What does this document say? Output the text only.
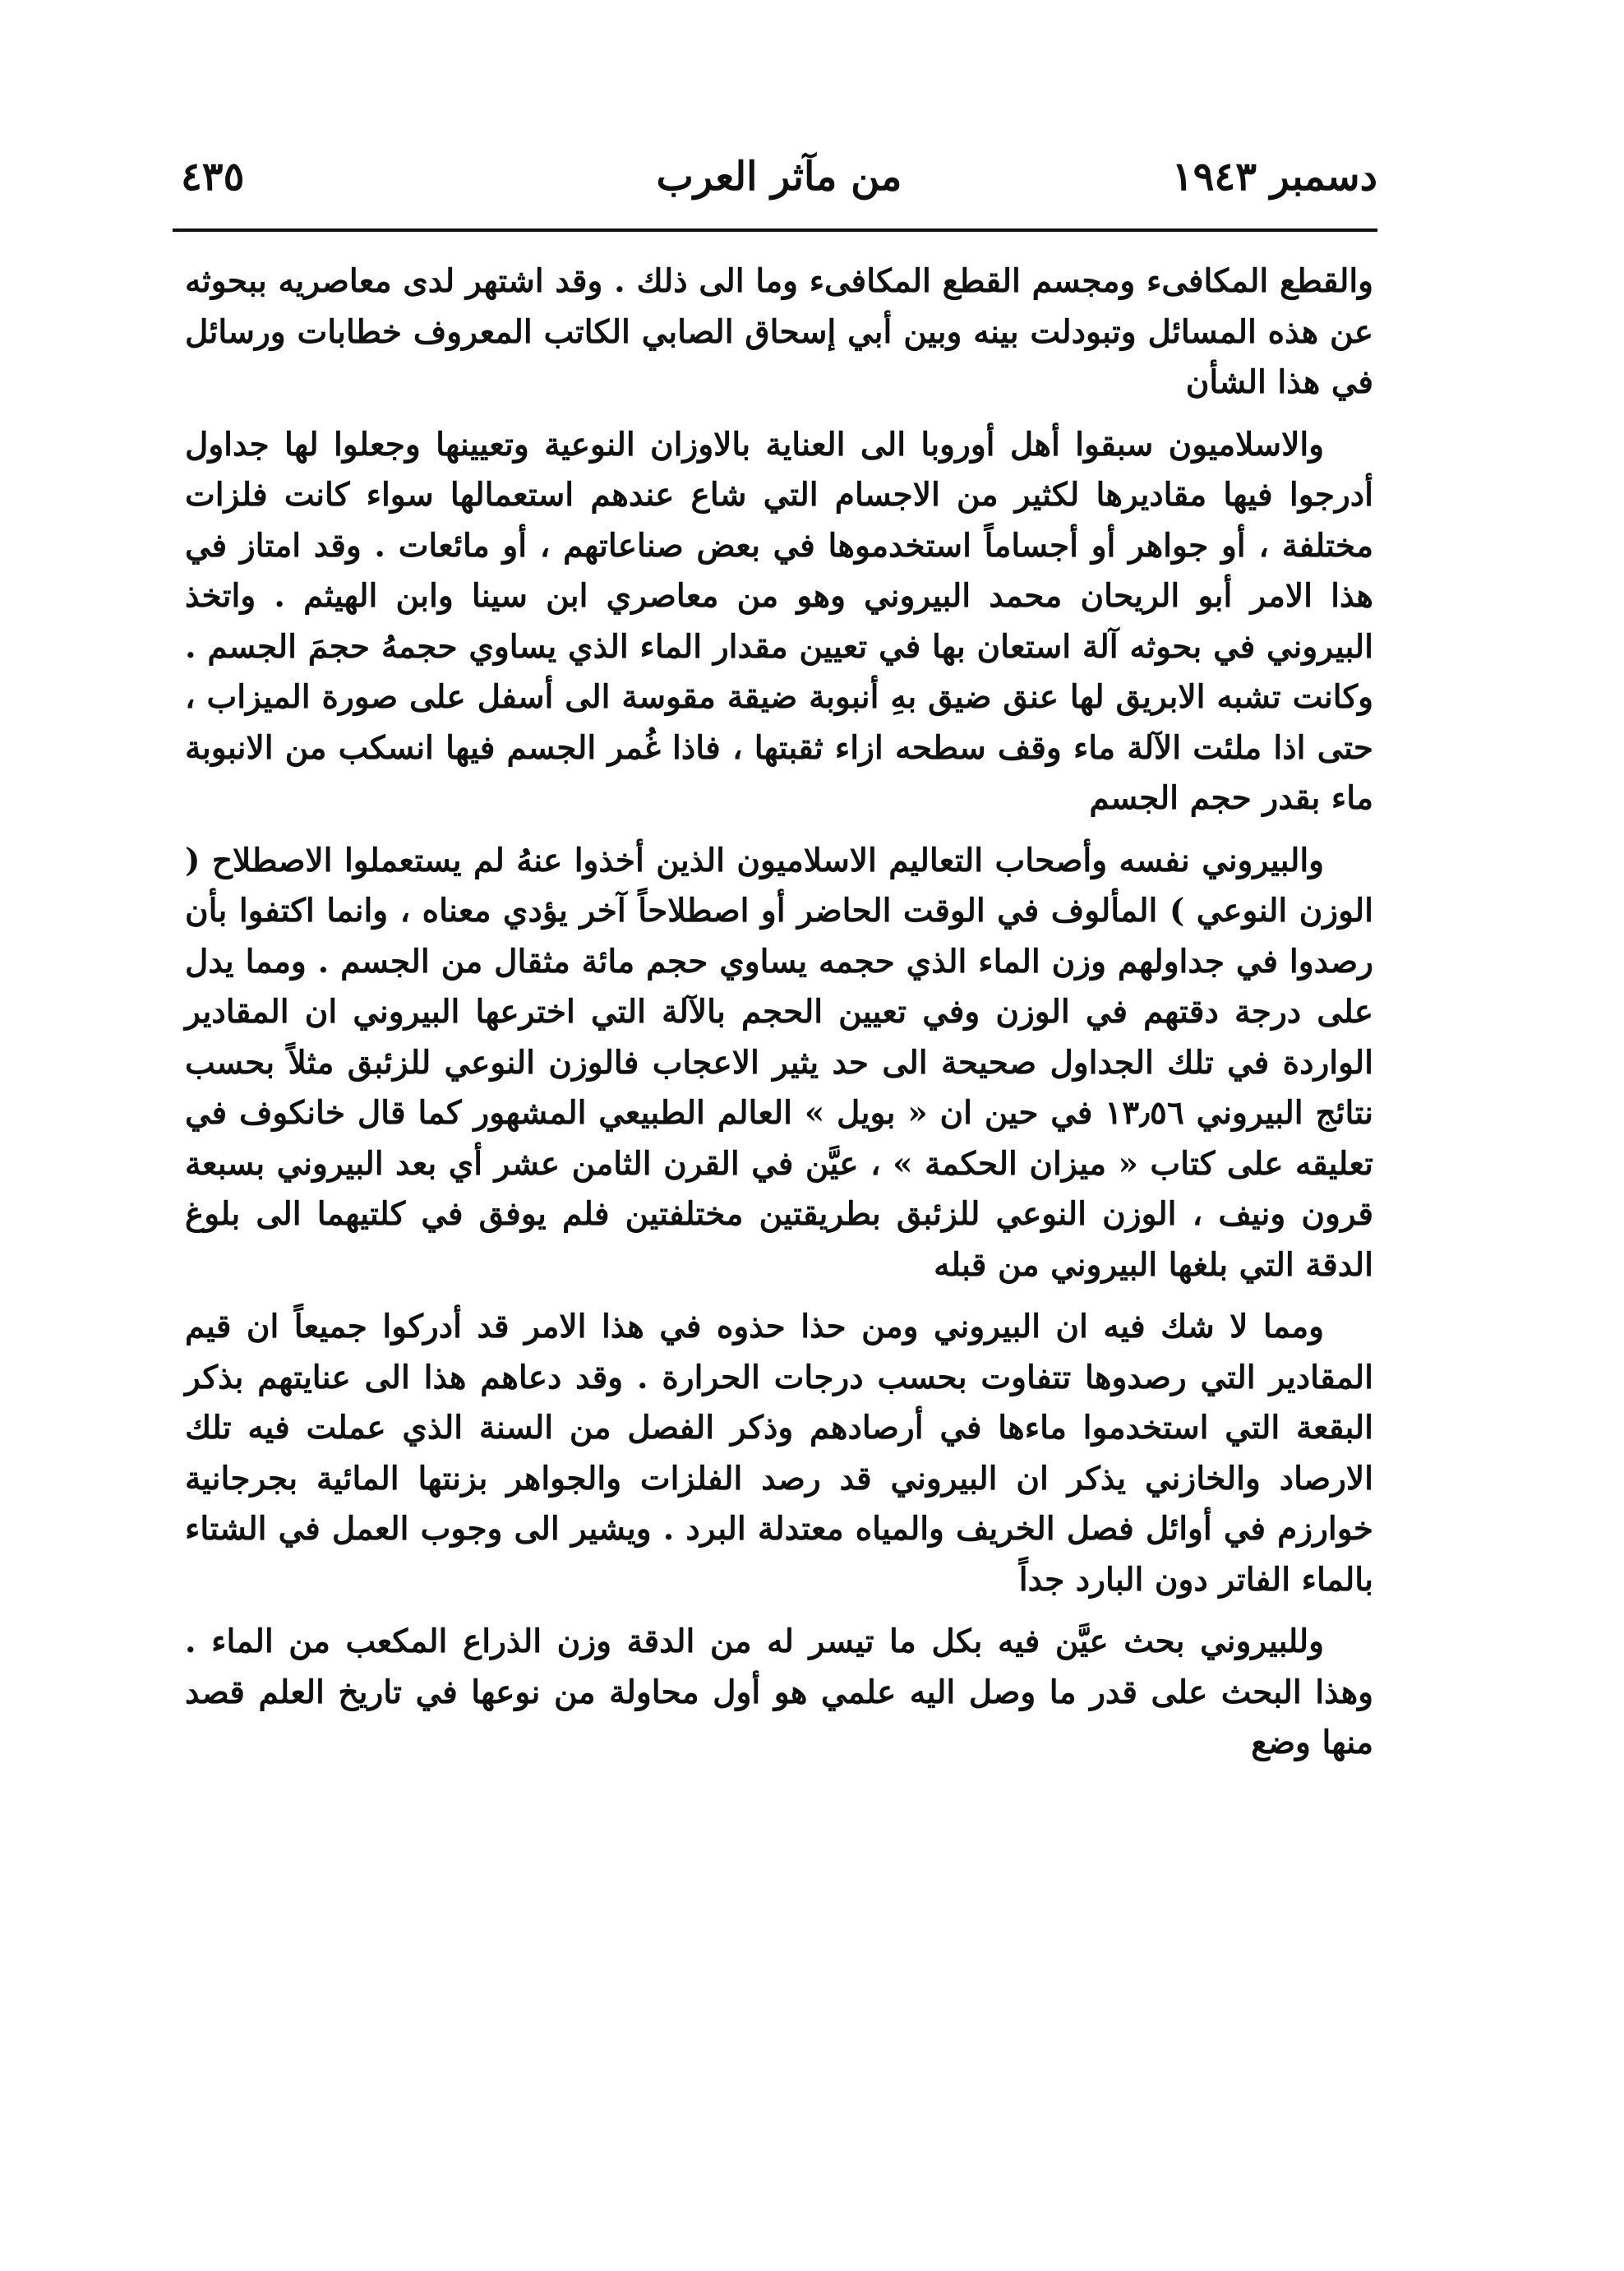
دسمبر ١٩٤٣
من مآثر العرب
٤٣٥

والقطع المكافىء ومجسم القطع المكافىء وما الى ذلك . وقد اشتهر لدى معاصريه ببحوثه عن هذه المسائل وتبودلت بينه وبين أبي إسحاق الصابي الكاتب المعروف خطابات ورسائل في هذا الشأن

والاسلاميون سبقوا أهل أوروبا الى العناية بالاوزان النوعية وتعيينها وجعلوا لها جداول أدرجوا فيها مقاديرها لكثير من الاجسام التي شاع عندهم استعمالها سواء كانت فلزات مختلفة ، أو جواهر أو أجساماً استخدموها في بعض صناعاتهم ، أو مائعات . وقد امتاز في هذا الامر أبو الريحان محمد البيروني وهو من معاصري ابن سينا وابن الهيثم . واتخذ البيروني في بحوثه آلة استعان بها في تعيين مقدار الماء الذي يساوي حجمهُ حجمَ الجسم . وكانت تشبه الابريق لها عنق ضيق بهِ أنبوبة ضيقة مقوسة الى أسفل على صورة الميزاب ، حتى اذا ملئت الآلة ماء وقف سطحه ازاء ثقبتها ، فاذا غُمر الجسم فيها انسكب من الانبوبة ماء بقدر حجم الجسم

والبيروني نفسه وأصحاب التعاليم الاسلاميون الذين أخذوا عنهُ لم يستعملوا الاصطلاح ( الوزن النوعي ) المألوف في الوقت الحاضر أو اصطلاحاً آخر يؤدي معناه ، وانما اكتفوا بأن رصدوا في جداولهم وزن الماء الذي حجمه يساوي حجم مائة مثقال من الجسم . ومما يدل على درجة دقتهم في الوزن وفي تعيين الحجم بالآلة التي اخترعها البيروني ان المقادير الواردة في تلك الجداول صحيحة الى حد يثير الاعجاب فالوزن النوعي للزئبق مثلاً بحسب نتائج البيروني ١٣٫٥٦ في حين ان « بويل » العالم الطبيعي المشهور كما قال خانكوف في تعليقه على كتاب « ميزان الحكمة » ، عيَّن في القرن الثامن عشر أي بعد البيروني بسبعة قرون ونيف ، الوزن النوعي للزئبق بطريقتين مختلفتين فلم يوفق في كلتيهما الى بلوغ الدقة التي بلغها البيروني من قبله

ومما لا شك فيه ان البيروني ومن حذا حذوه في هذا الامر قد أدركوا جميعاً ان قيم المقادير التي رصدوها تتفاوت بحسب درجات الحرارة . وقد دعاهم هذا الى عنايتهم بذكر البقعة التي استخدموا ماءها في أرصادهم وذكر الفصل من السنة الذي عملت فيه تلك الارصاد والخازني يذكر ان البيروني قد رصد الفلزات والجواهر بزنتها المائية بجرجانية خوارزم في أوائل فصل الخريف والمياه معتدلة البرد . ويشير الى وجوب العمل في الشتاء بالماء الفاتر دون البارد جداً

وللبيروني بحث عيَّن فيه بكل ما تيسر له من الدقة وزن الذراع المكعب من الماء . وهذا البحث على قدر ما وصل اليه علمي هو أول محاولة من نوعها في تاريخ العلم قصد منها وضع
